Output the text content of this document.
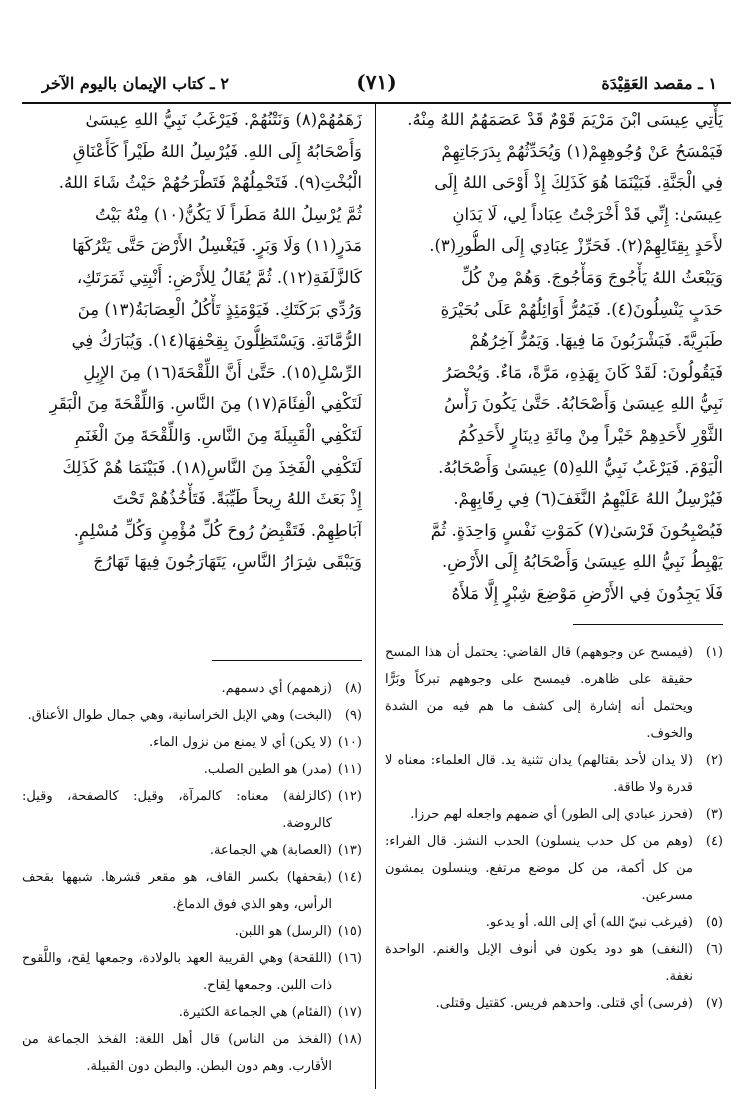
١ ـ مقصد العَقِيْدَة
(٧١)
٢ ـ كتاب الإيمان باليوم الآخر
يَأْتِي عِيسَى ابْنَ مَرْيَمَ قَوْمٌ قَدْ عَصَمَهُمُ اللهُ مِنْهُ.
فَيَمْسَحُ عَنْ وُجُوهِهِمْ(١) وَيُحَدِّثُهُمْ بِدَرَجَاتِهِمْ
فِي الْجَنَّةِ. فَبَيْنَمَا هُوَ كَذَلِكَ إِذْ أَوْحَى اللهُ إِلَى
عِيسَىٰ: إِنِّي قَدْ أَخْرَجْتُ عِبَاداً لِي، لَا يَدَانِ
لأَحَدٍ بِقِتَالِهِمْ(٢). فَحَرِّزْ عِبَادِي إِلَى الطُّورِ(٣).
وَيَبْعَثُ اللهُ يَأْجُوجَ وَمَأْجُوجَ. وَهُمْ مِنْ كُلِّ
حَدَبٍ يَنْسِلُونَ(٤). فَيَمُرُّ أَوَائِلُهُمْ عَلَى بُحَيْرَةِ
طَبَرِيَّةَ. فَيَشْرَبُونَ مَا فِيهَا. وَيَمُرُّ آخِرُهُمْ
فَيَقُولُونَ: لَقَدْ كَانَ بِهَذِهِ، مَرَّةً، مَاءٌ. وَيُحْصَرُ
نَبِيُّ اللهِ عِيسَىٰ وَأَصْحَابُهُ. حَتَّىٰ يَكُونَ رَأْسُ
الثَّوْرِ لأَحَدِهِمْ خَيْراً مِنْ مِائَةِ دِينَارٍ لأَحَدِكُمُ
الْيَوْمَ. فَيَرْغَبُ نَبِيُّ اللهِ(٥) عِيسَىٰ وَأَصْحَابُهُ.
فَيُرْسِلُ اللهُ عَلَيْهِمُ النَّغَفَ(٦) فِي رِقَابِهِمْ.
فَيُصْبِحُونَ فَرْسَىٰ(٧) كَمَوْتِ نَفْسٍ وَاحِدَةٍ. ثُمَّ
يَهْبِطُ نَبِيُّ اللهِ عِيسَىٰ وَأَصْحَابُهُ إِلَى الأَرْضِ.
فَلَا يَجِدُونَ فِي الأَرْضِ مَوْضِعَ شِبْرٍ إِلَّا مَلأَهُ
(١)
(فيمسح عن وجوههم) قال القاضي: يحتمل أن هذا المسح حقيقة على ظاهره. فيمسح على وجوههم تبركاً وبَرًّا ويحتمل أنه إشارة إلى كشف ما هم فيه من الشدة والخوف.
(٢)
(لا يدان لأحد بقتالهم) يدان تثنية يد. قال العلماء: معناه لا قدرة ولا طاقة.
(٣)
(فحرز عبادي إلى الطور) أي ضمهم واجعله لهم حرزا.
(٤)
(وهم من كل حدب ينسلون) الحدب النشز. قال الفراء: من كل أكمة، من كل موضع مرتفع. وينسلون يمشون مسرعين.
(٥)
(فيرغب نبيّ الله) أي إلى الله. أو يدعو.
(٦)
(النغف) هو دود يكون في أنوف الإبل والغنم. الواحدة نغفة.
(٧)
(فرسى) أي قتلى. واحدهم فريس. كقتيل وقتلى.
زَهَمُهُمْ(٨) وَنَتْنُهُمْ. فَيَرْغَبُ نَبِيُّ اللهِ عِيسَىٰ
وَأَصْحَابُهُ إِلَى اللهِ. فَيُرْسِلُ اللهُ طَيْراً كَأَعْنَاقِ
الْبُخْتِ(٩). فَتَحْمِلُهُمْ فَتَطْرَحُهُمْ حَيْثُ شَاءَ اللهُ.
ثُمَّ يُرْسِلُ اللهُ مَطَراً لَا يَكُنُّ(١٠) مِنْهُ بَيْتُ
مَدَرٍ(١١) وَلَا وَبَرٍ. فَيَغْسِلُ الأَرْضَ حَتَّى يَتْرُكَهَا
كَالزَّلَفَةِ(١٢). ثُمَّ يُقَالُ لِلأَرْضِ: أَنْبِتِي ثَمَرَتَكِ،
وَرُدِّي بَرَكَتَكِ. فَيَوْمَئِذٍ تَأْكُلُ الْعِصَابَةُ(١٣) مِنَ
الرُّمَّانَةِ. وَيَسْتَظِلُّونَ بِقِحْفِهَا(١٤). وَيُبَارَكُ فِي
الرِّسْلِ(١٥). حَتَّىٰ أَنَّ اللِّقْحَةَ(١٦) مِنَ الإِبِلِ
لَتَكْفِي الْفِئَامَ(١٧) مِنَ النَّاسِ. وَاللِّقْحَةَ مِنَ الْبَقَرِ
لَتَكْفِي الْقَبِيلَةَ مِنَ النَّاسِ. وَاللِّقْحَةَ مِنَ الْغَنَمِ
لَتَكْفِي الْفَخِذَ مِنَ النَّاسِ(١٨). فَبَيْنَمَا هُمْ كَذَلِكَ
إِذْ بَعَثَ اللهُ رِيحاً طَيِّبَةً. فَتَأْخُذُهُمْ تَحْتَ
آبَاطِهِمْ. فَتَقْبِضُ رُوحَ كُلِّ مُؤْمِنٍ وَكُلِّ مُسْلِمٍ.
وَيَبْقَى شِرَارُ النَّاسِ، يَتَهَارَجُونَ فِيهَا تَهَارُجَ
(٨)
(زهمهم) أي دسمهم.
(٩)
(البخت) وهي الإبل الخراسانية، وهي جمال طوال الأعناق.
(١٠)
(لا يكن) أي لا يمنع من نزول الماء.
(١١)
(مدر) هو الطين الصلب.
(١٢)
(كالزلفة) معناه: كالمرآة، وقيل: كالصفحة، وقيل: كالروضة.
(١٣)
(العصابة) هي الجماعة.
(١٤)
(بقحفها) بكسر القاف، هو مقعر قشرها. شبهها بقحف الرأس، وهو الذي فوق الدماغ.
(١٥)
(الرسل) هو اللبن.
(١٦)
(اللقحة) وهي القريبة العهد بالولادة، وجمعها لِقح، واللَّقوح ذات اللبن. وجمعها لِقاح.
(١٧)
(الفئام) هي الجماعة الكثيرة.
(١٨)
(الفخذ من الناس) قال أهل اللغة: الفخذ الجماعة من الأقارب. وهم دون البطن. والبطن دون القبيلة.
